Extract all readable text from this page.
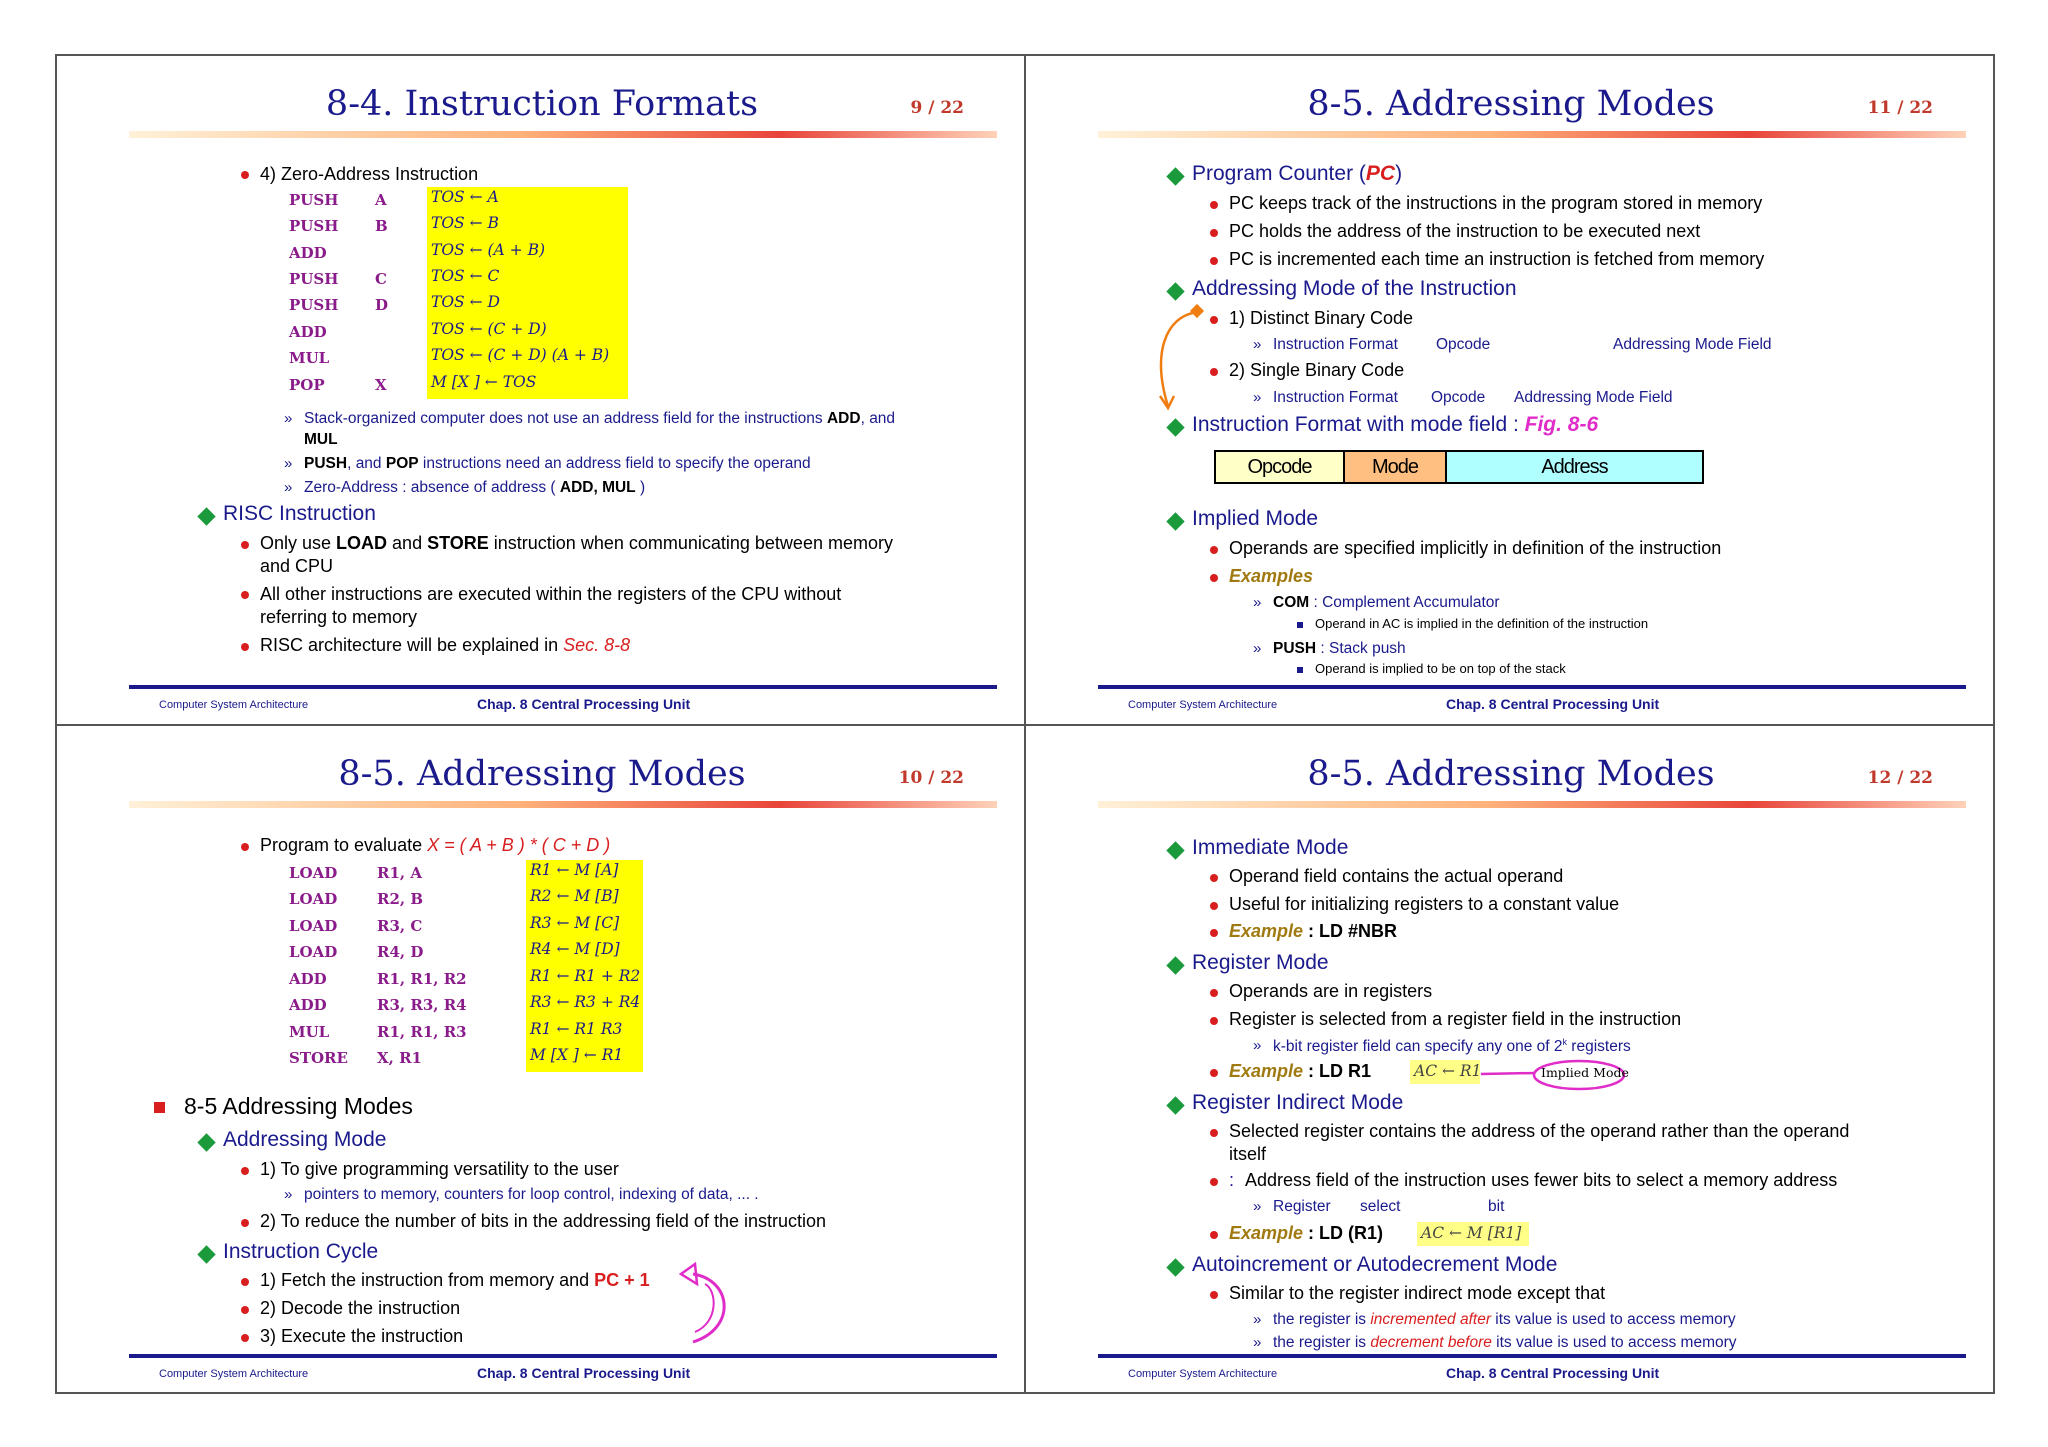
8-4. Instruction Formats	9 / 22
4) Zero-Address Instruction
PUSH A	TOS ← A
PUSH B	TOS ← B
ADD	TOS ← (A + B)
PUSH C	TOS ← C
PUSH D	TOS ← D
ADD	TOS ← (C + D)
MUL	TOS ← (C + D) (A + B)
POP	X	M [X ] ← TOS
» Stack-organized computer does not use an address field for the instructions ADD, and
MUL
» PUSH, and POP instructions need an address field to specify the operand
» Zero-Address : absence of address ( ADD, MUL )
RISC Instruction
Only use LOAD and STORE instruction when communicating between memory
and CPU
All other instructions are executed within the registers of the CPU without
referring to memory
RISC architecture will be explained in Sec. 8-8
Computer System Architecture	Chap. 8 Central Processing Unit
8-5. Addressing Modes	11 / 22
Program Counter (PC)
PC keeps track of the instructions in the program stored in memory
PC holds the address of the instruction to be executed next
PC is incremented each time an instruction is fetched from memory
Addressing Mode of the Instruction
1) Distinct Binary Code
» Instruction Format Opcode	Addressing Mode Field
2) Single Binary Code
» Instruction Format Opcode Addressing Mode Field
Instruction Format with mode field : Fig. 8-6
Opcode	Mode	Address
Implied Mode
Operands are specified implicitly in definition of the instruction
Examples
» COM : Complement Accumulator
Operand in AC is implied in the definition of the instruction
» PUSH : Stack push
Operand is implied to be on top of the stack
Computer System Architecture	Chap. 8 Central Processing Unit
8-5. Addressing Modes	10 / 22
Program to evaluate X = ( A + B ) * ( C + D )
LOAD	R1, A	R1 ← M [A]
LOAD	R2, B	R2 ← M [B]
LOAD	R3, C	R3 ← M [C]
LOAD	R4, D	R4 ← M [D]
ADD	R1, R1, R2	R1 ← R1 + R2
ADD	R3, R3, R4	R3 ← R3 + R4
MUL	R1, R1, R3	R1 ← R1 R3
STORE X, R1	M [X ] ← R1
8-5 Addressing Modes
Addressing Mode
1) To give programming versatility to the user
» pointers to memory, counters for loop control, indexing of data, ... .
2) To reduce the number of bits in the addressing field of the instruction
Instruction Cycle
1) Fetch the instruction from memory and PC + 1
2) Decode the instruction
3) Execute the instruction
Computer System Architecture	Chap. 8 Central Processing Unit
8-5. Addressing Modes	12 / 22
Immediate Mode
Operand field contains the actual operand
Useful for initializing registers to a constant value
Example : LD #NBR
Register Mode
Operands are in registers
Register is selected from a register field in the instruction
» k-bit register field can specify any one of 2$^k$ registers
Example : LD R1	AC ← R1	Implied Mode
Register Indirect Mode
Selected register contains the address of the operand rather than the operand
itself
: Address field of the instruction uses fewer bits to select a memory address
» Register select	bit
Example : LD (R1) AC ← M [R1]
Autoincrement or Autodecrement Mode
Similar to the register indirect mode except that
» the register is incremented after its value is used to access memory
» the register is decrement before its value is used to access memory
Computer System Architecture	Chap. 8 Central Processing Unit
